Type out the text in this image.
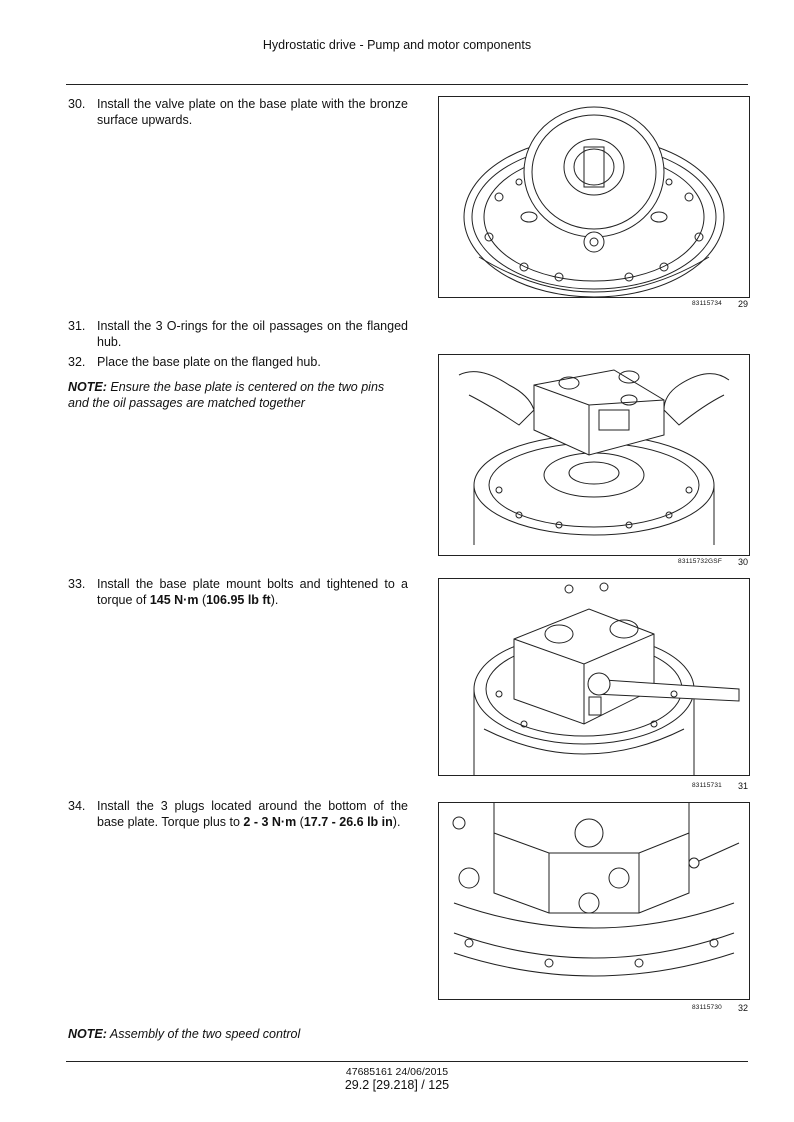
Hydrostatic drive - Pump and motor components
30. Install the valve plate on the base plate with the bronze surface upwards.
31. Install the 3 O-rings for the oil passages on the flanged hub.
32. Place the base plate on the flanged hub.
NOTE: Ensure the base plate is centered on the two pins and the oil passages are matched together
33. Install the base plate mount bolts and tightened to a torque of 145 N·m (106.95 lb ft).
34. Install the 3 plugs located around the bottom of the base plate. Torque plus to 2 - 3 N·m (17.7 - 26.6 lb in).
NOTE: Assembly of the two speed control
83115734 29
83115732GSF 30
83115731 31
83115730 32
47685161 24/06/2015
29.2 [29.218] / 125
